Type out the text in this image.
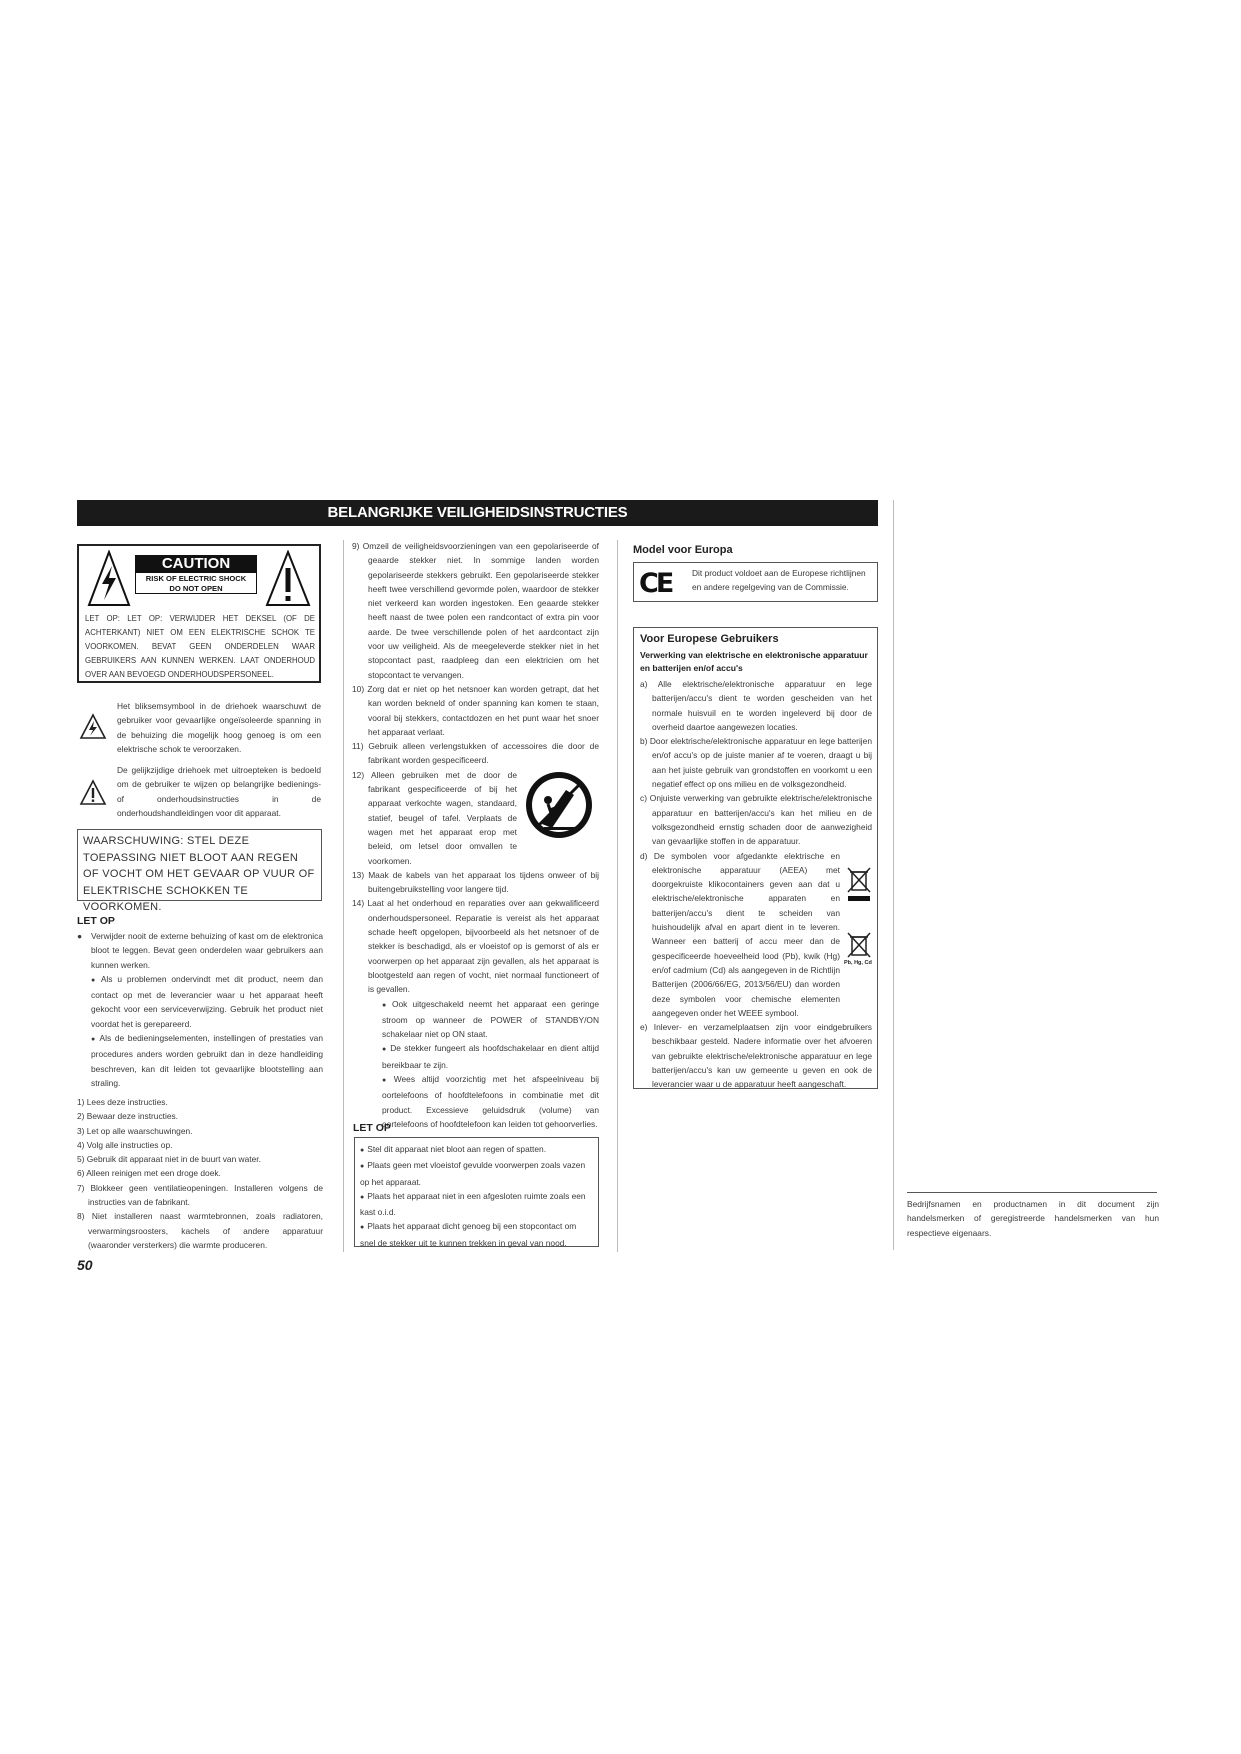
BELANGRIJKE VEILIGHEIDSINSTRUCTIES
CAUTION
RISK OF ELECTRIC SHOCK
DO NOT OPEN
LET OP: LET OP: VERWIJDER HET DEKSEL (OF DE ACHTERKANT) NIET OM EEN ELEKTRISCHE SCHOK TE VOORKOMEN. BEVAT GEEN ONDERDELEN WAAR GEBRUIKERS AAN KUNNEN WERKEN. LAAT ONDERHOUD OVER AAN BEVOEGD ONDERHOUDSPERSONEEL.
Het bliksemsymbool in de driehoek waarschuwt de gebruiker voor gevaarlijke ongeïsoleerde spanning in de behuizing die mogelijk hoog genoeg is om een elektrische schok te veroorzaken.
De gelijkzijdige driehoek met uitroepteken is bedoeld om de gebruiker te wijzen op belangrijke bedienings- of onderhoudsinstructies in de onderhoudshandleidingen voor dit apparaat.
WAARSCHUWING: STEL DEZE TOEPASSING NIET BLOOT AAN REGEN OF VOCHT OM HET GEVAAR OP VUUR OF ELEKTRISCHE SCHOKKEN TE VOORKOMEN.
LET OP
● Verwijder nooit de externe behuizing of kast om de elektronica bloot te leggen. Bevat geen onderdelen waar gebruikers aan kunnen werken.
● Als u problemen ondervindt met dit product, neem dan contact op met de leverancier waar u het apparaat heeft gekocht voor een serviceverwijzing. Gebruik het product niet voordat het is gerepareerd.
● Als de bedieningselementen, instellingen of prestaties van procedures anders worden gebruikt dan in deze handleiding beschreven, kan dit leiden tot gevaarlijke blootstelling aan straling.
1) Lees deze instructies.
2) Bewaar deze instructies.
3) Let op alle waarschuwingen.
4) Volg alle instructies op.
5) Gebruik dit apparaat niet in de buurt van water.
6) Alleen reinigen met een droge doek.
7) Blokkeer geen ventilatieopeningen. Installeren volgens de instructies van de fabrikant.
8) Niet installeren naast warmtebronnen, zoals radiatoren, verwarmingsroosters, kachels of andere apparatuur (waaronder versterkers) die warmte produceren.
50
9) Omzeil de veiligheidsvoorzieningen van een gepolariseerde of geaarde stekker niet. In sommige landen worden gepolariseerde stekkers gebruikt. Een gepolariseerde stekker heeft twee verschillend gevormde polen, waardoor de stekker niet verkeerd kan worden ingestoken. Een geaarde stekker heeft naast de twee polen een randcontact of extra pin voor aarde. De twee verschillende polen of het aardcontact zijn voor uw veiligheid. Als de meegeleverde stekker niet in het stopcontact past, raadpleeg dan een elektricien om het stopcontact te vervangen.
10) Zorg dat er niet op het netsnoer kan worden getrapt, dat het kan worden bekneld of onder spanning kan komen te staan, vooral bij stekkers, contactdozen en het punt waar het snoer het apparaat verlaat.
11) Gebruik alleen verlengstukken of accessoires die door de fabrikant worden gespecificeerd.
12) Alleen gebruiken met de door de fabrikant gespecificeerde of bij het apparaat verkochte wagen, standaard, statief, beugel of tafel. Verplaats de wagen met het apparaat erop met beleid, om letsel door omvallen te voorkomen.
13) Maak de kabels van het apparaat los tijdens onweer of bij buitengebruikstelling voor langere tijd.
14) Laat al het onderhoud en reparaties over aan gekwalificeerd onderhoudspersoneel. Reparatie is vereist als het apparaat schade heeft opgelopen, bijvoorbeeld als het netsnoer of de stekker is beschadigd, als er vloeistof op is gemorst of als er voorwerpen op het apparaat zijn gevallen, als het apparaat is blootgesteld aan regen of vocht, niet normaal functioneert of is gevallen.
● Ook uitgeschakeld neemt het apparaat een geringe stroom op wanneer de POWER of STANDBY/ON schakelaar niet op ON staat.
● De stekker fungeert als hoofdschakelaar en dient altijd bereikbaar te zijn.
● Wees altijd voorzichtig met het afspeelniveau bij oortelefoons of hoofdtelefoons in combinatie met dit product. Excessieve geluidsdruk (volume) van oortelefoons of hoofdtelefoon kan leiden tot gehoorverlies.
LET OP
● Stel dit apparaat niet bloot aan regen of spatten.
● Plaats geen met vloeistof gevulde voorwerpen zoals vazen op het apparaat.
● Plaats het apparaat niet in een afgesloten ruimte zoals een kast o.i.d.
● Plaats het apparaat dicht genoeg bij een stopcontact om snel de stekker uit te kunnen trekken in geval van nood.
Model voor Europa
CE Dit product voldoet aan de Europese richtlijnen en andere regelgeving van de Commissie.
Voor Europese Gebruikers
Verwerking van elektrische en elektronische apparatuur en batterijen en/of accu's
a) Alle elektrische/elektronische apparatuur en lege batterijen/accu's dient te worden gescheiden van het normale huisvuil en te worden ingeleverd bij door de overheid daartoe aangewezen locaties.
b) Door elektrische/elektronische apparatuur en lege batterijen en/of accu's op de juiste manier af te voeren, draagt u bij aan het juiste gebruik van grondstoffen en voorkomt u een negatief effect op ons milieu en de volksgezondheid.
c) Onjuiste verwerking van gebruikte elektrische/elektronische apparatuur en batterijen/accu's kan het milieu en de volksgezondheid ernstig schaden door de aanwezigheid van gevaarlijke stoffen in de apparatuur.
d) De symbolen voor afgedankte elektrische en elektronische apparatuur (AEEA) met doorgekruiste klikocontainers geven aan dat u elektrische/elektronische apparaten en batterijen/accu's dient te scheiden van huishoudelijk afval en apart dient in te leveren. Wanneer een batterij of accu meer dan de gespecificeerde hoeveelheid lood (Pb), kwik (Hg) en/of cadmium (Cd) als aangegeven in de Richtlijn Batterijen (2006/66/EG, 2013/56/EU) dan worden deze symbolen voor chemische elementen aangegeven onder het WEEE symbool.
e) Inlever- en verzamelplaatsen zijn voor eindgebruikers beschikbaar gesteld. Nadere informatie over het afvoeren van gebruikte elektrische/elektronische apparatuur en lege batterijen/accu's kan uw gemeente u geven en ook de leverancier waar u de apparatuur heeft aangeschaft.
Pb, Hg, Cd
Bedrijfsnamen en productnamen in dit document zijn handelsmerken of geregistreerde handelsmerken van hun respectieve eigenaars.
